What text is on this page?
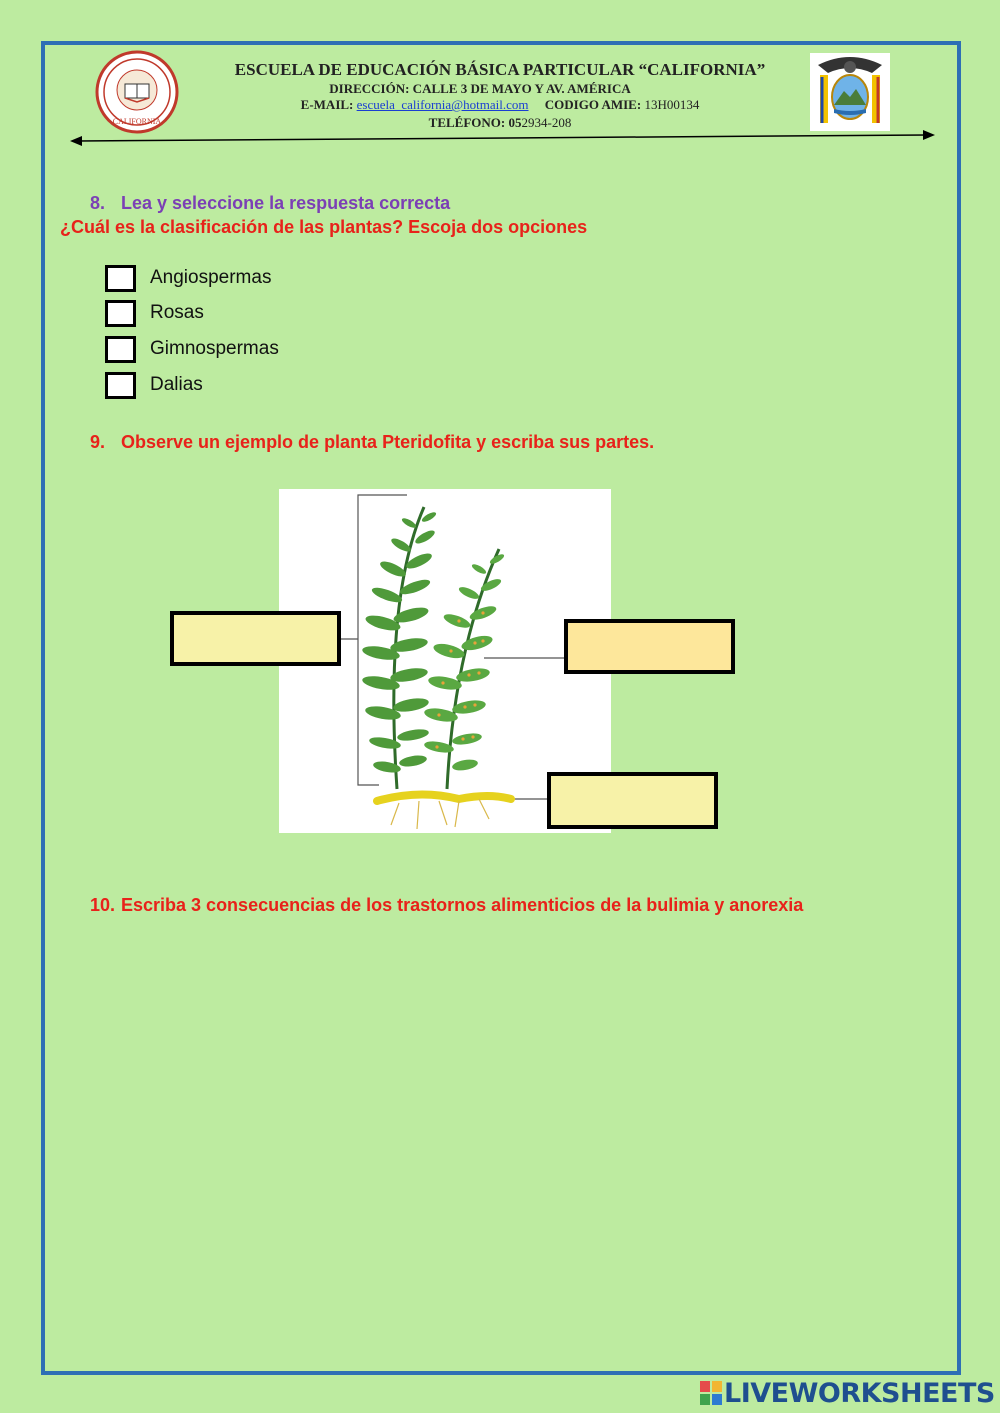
CALIFORNIA
ESCUELA DE EDUCACIÓN BÁSICA PARTICULAR “CALIFORNIA”
DIRECCIÓN: CALLE 3 DE MAYO Y AV. AMÉRICA
E-MAIL: escuela_california@hotmail.com CODIGO AMIE: 13H00134
TELÉFONO: 052934-208
8. Lea y seleccione la respuesta correcta
¿Cuál es la clasificación de las plantas? Escoja dos opciones
Angiospermas
Rosas
Gimnospermas
Dalias
9. Observe un ejemplo de planta Pteridofita y escriba sus partes.
10. Escriba 3 consecuencias de los trastornos alimenticios de la bulimia y anorexia
LIVEWORKSHEETS
